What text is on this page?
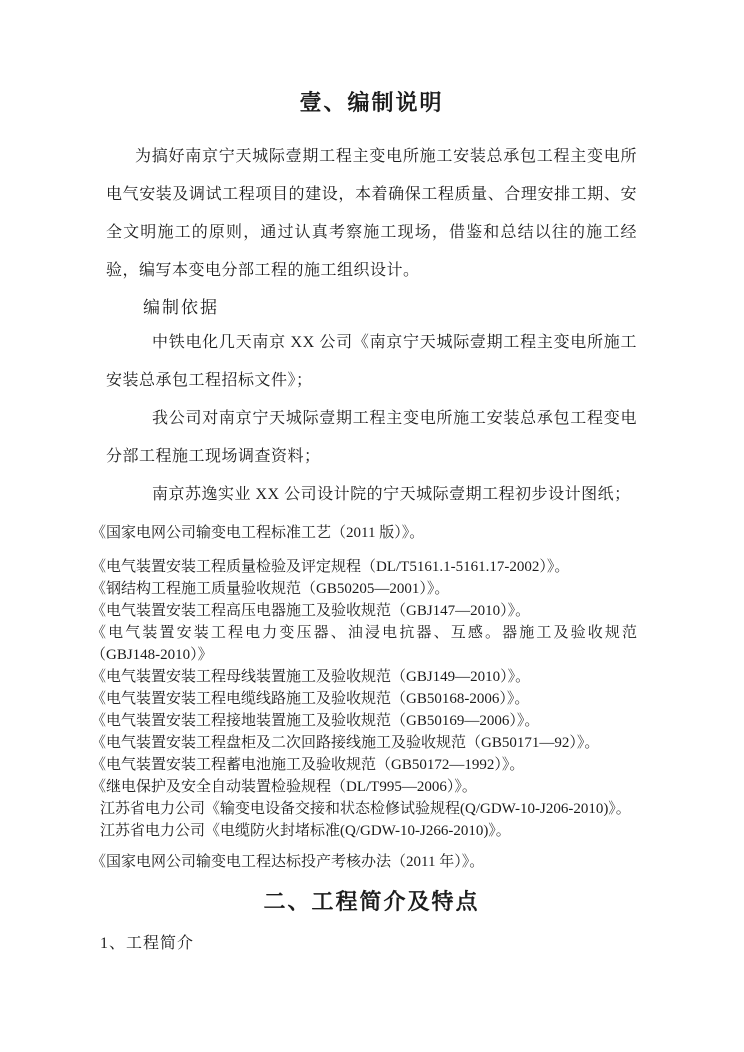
壹、编制说明

为搞好南京宁天城际壹期工程主变电所施工安装总承包工程主变电所电气安装及调试工程项目的建设，本着确保工程质量、合理安排工期、安全文明施工的原则，通过认真考察施工现场，借鉴和总结以往的施工经验，编写本变电分部工程的施工组织设计。

编制依据

中铁电化几天南京 XX 公司《南京宁天城际壹期工程主变电所施工安装总承包工程招标文件》；

我公司对南京宁天城际壹期工程主变电所施工安装总承包工程变电分部工程施工现场调查资料；

南京苏逸实业 XX 公司设计院的宁天城际壹期工程初步设计图纸；

《国家电网公司输变电工程标准工艺（2011 版）》。
《电气装置安装工程质量检验及评定规程（DL/T5161.1-5161.17-2002）》。
《钢结构工程施工质量验收规范（GB50205—2001）》。
《电气装置安装工程高压电器施工及验收规范（GBJ147—2010）》。
《电气装置安装工程电力变压器、油浸电抗器、互感。器施工及验收规范
（GBJ148-2010）》
《电气装置安装工程母线装置施工及验收规范（GBJ149—2010）》。
《电气装置安装工程电缆线路施工及验收规范（GB50168-2006）》。
《电气装置安装工程接地装置施工及验收规范（GB50169—2006）》。
《电气装置安装工程盘柜及二次回路接线施工及验收规范（GB50171—92）》。
《电气装置安装工程蓄电池施工及验收规范（GB50172—1992）》。
《继电保护及安全自动装置检验规程（DL/T995—2006）》。
江苏省电力公司《输变电设备交接和状态检修试验规程(Q/GDW-10-J206-2010)》。
江苏省电力公司《电缆防火封堵标准(Q/GDW-10-J266-2010)》。
《国家电网公司输变电工程达标投产考核办法（2011 年）》。
二、工程简介及特点

1、工程简介
